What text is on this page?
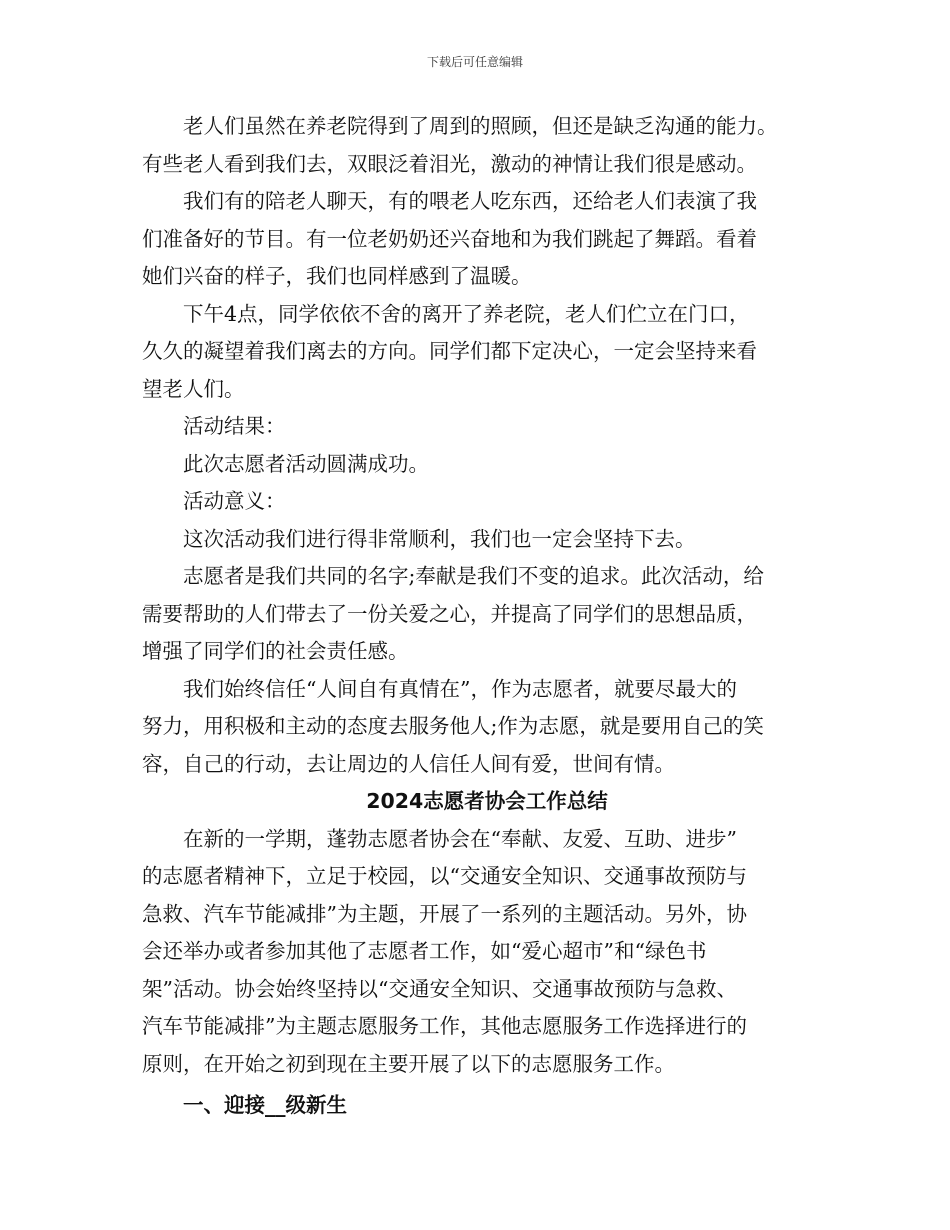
下载后可任意编辑
老人们虽然在养老院得到了周到的照顾，但还是缺乏沟通的能力。
有些老人看到我们去，双眼泛着泪光，激动的神情让我们很是感动。
我们有的陪老人聊天，有的喂老人吃东西，还给老人们表演了我
们准备好的节目。有一位老奶奶还兴奋地和为我们跳起了舞蹈。看着
她们兴奋的样子，我们也同样感到了温暖。
下午4点，同学依依不舍的离开了养老院，老人们伫立在门口，
久久的凝望着我们离去的方向。同学们都下定决心，一定会坚持来看
望老人们。
活动结果：
此次志愿者活动圆满成功。
活动意义：
这次活动我们进行得非常顺利，我们也一定会坚持下去。
志愿者是我们共同的名字;奉献是我们不变的追求。此次活动，给
需要帮助的人们带去了一份关爱之心，并提高了同学们的思想品质，
增强了同学们的社会责任感。
我们始终信任“人间自有真情在”，作为志愿者，就要尽最大的
努力，用积极和主动的态度去服务他人;作为志愿，就是要用自己的笑
容，自己的行动，去让周边的人信任人间有爱，世间有情。
2024志愿者协会工作总结
在新的一学期，蓬勃志愿者协会在“奉献、友爱、互助、进步”
的志愿者精神下，立足于校园，以“交通安全知识、交通事故预防与
急救、汽车节能减排”为主题，开展了一系列的主题活动。另外，协
会还举办或者参加其他了志愿者工作，如“爱心超市”和“绿色书
架”活动。协会始终坚持以“交通安全知识、交通事故预防与急救、
汽车节能减排”为主题志愿服务工作，其他志愿服务工作选择进行的
原则，在开始之初到现在主要开展了以下的志愿服务工作。
一、迎接__级新生
